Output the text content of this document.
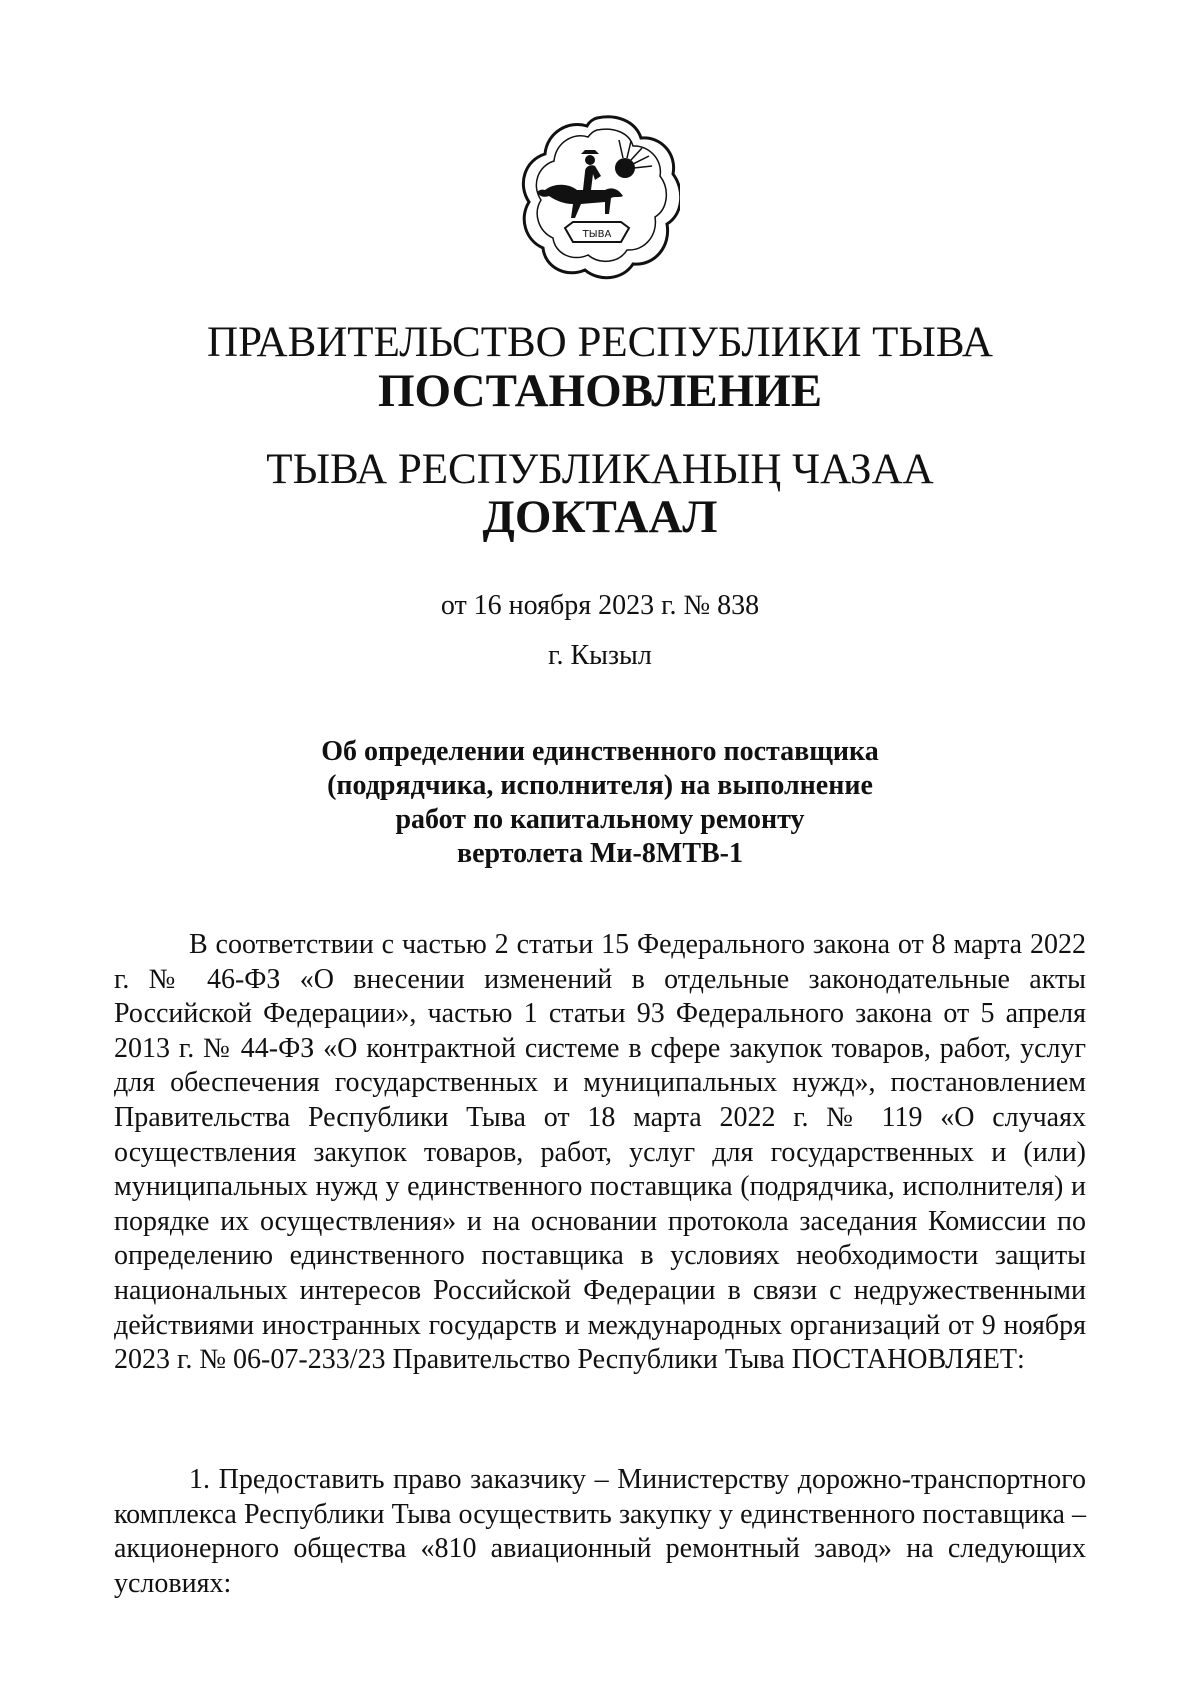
ТЫВА
ПРАВИТЕЛЬСТВО РЕСПУБЛИКИ ТЫВА
ПОСТАНОВЛЕНИЕ
ТЫВА РЕСПУБЛИКАНЫҢ ЧАЗАА
ДОКТААЛ
от 16 ноября 2023 г. № 838
г. Кызыл
Об определении единственного поставщика
(подрядчика, исполнителя) на выполнение
работ по капитальному ремонту
вертолета Ми-8МТВ-1

В соответствии с частью 2 статьи 15 Федерального закона от 8 марта 2022 г. № 46-ФЗ «О внесении изменений в отдельные законодательные акты Российской Федерации», частью 1 статьи 93 Федерального закона от 5 апреля 2013 г. № 44-ФЗ «О контрактной системе в сфере закупок товаров, работ, услуг для обеспечения государственных и муниципальных нужд», постановлением Правительства Республики Тыва от 18 марта 2022 г. № 119 «О случаях осуществления закупок товаров, работ, услуг для государственных и (или) муниципальных нужд у единственного поставщика (подрядчика, исполнителя) и порядке их осуществления» и на основании протокола заседания Комиссии по определению единственного поставщика в условиях необходимости защиты национальных интересов Российской Федерации в связи с недружественными действиями иностранных государств и международных организаций от 9 ноября 2023 г. № 06-07-233/23 Правительство Республики Тыва ПОСТАНОВЛЯЕТ:

1. Предоставить право заказчику – Министерству дорожно-транспортного комплекса Республики Тыва осуществить закупку у единственного поставщика – акционерного общества «810 авиационный ремонтный завод» на следующих условиях:
